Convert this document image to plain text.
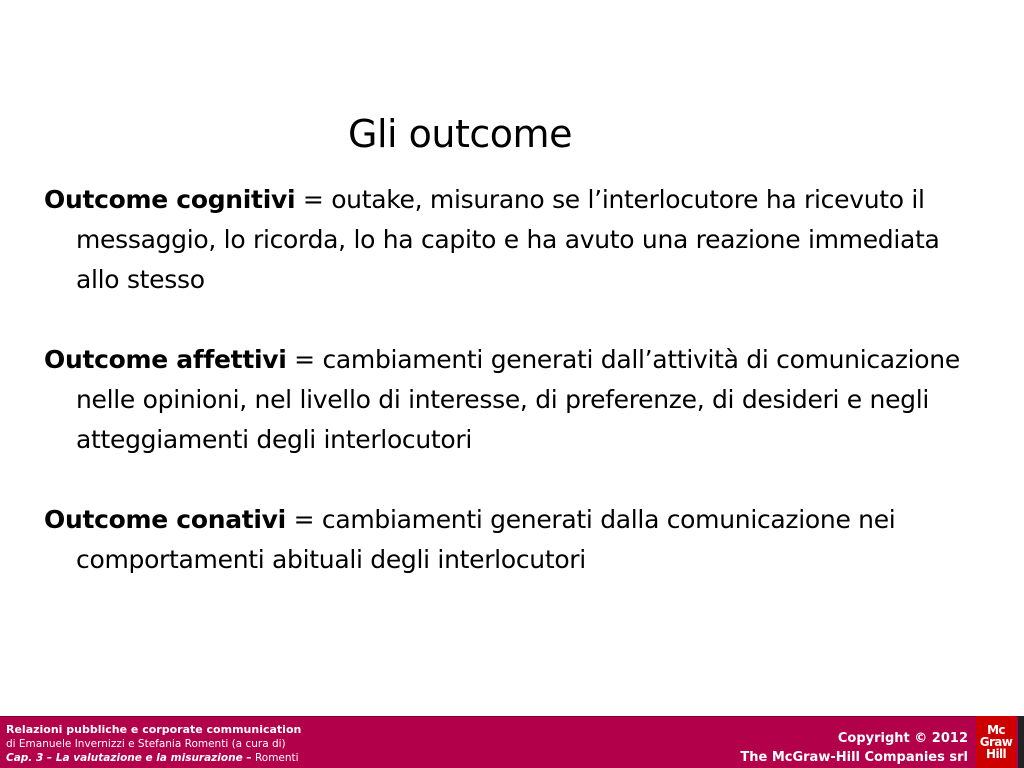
Gli outcome

Outcome cognitivi = outake, misurano se l’interlocutore ha ricevuto il messaggio, lo ricorda, lo ha capito e ha avuto una reazione immediata allo stesso

Outcome affettivi = cambiamenti generati dall’attività di comunicazione nelle opinioni, nel livello di interesse, di preferenze, di desideri e negli atteggiamenti degli interlocutori

Outcome conativi = cambiamenti generati dalla comunicazione nei comportamenti abituali degli interlocutori

Relazioni pubbliche e corporate communication
di Emanuele Invernizzi e Stefania Romenti (a cura di)
Cap. 3 – La valutazione e la misurazione – Romenti
Copyright © 2012
The McGraw-Hill Companies srl
Mc
Graw
Hill
